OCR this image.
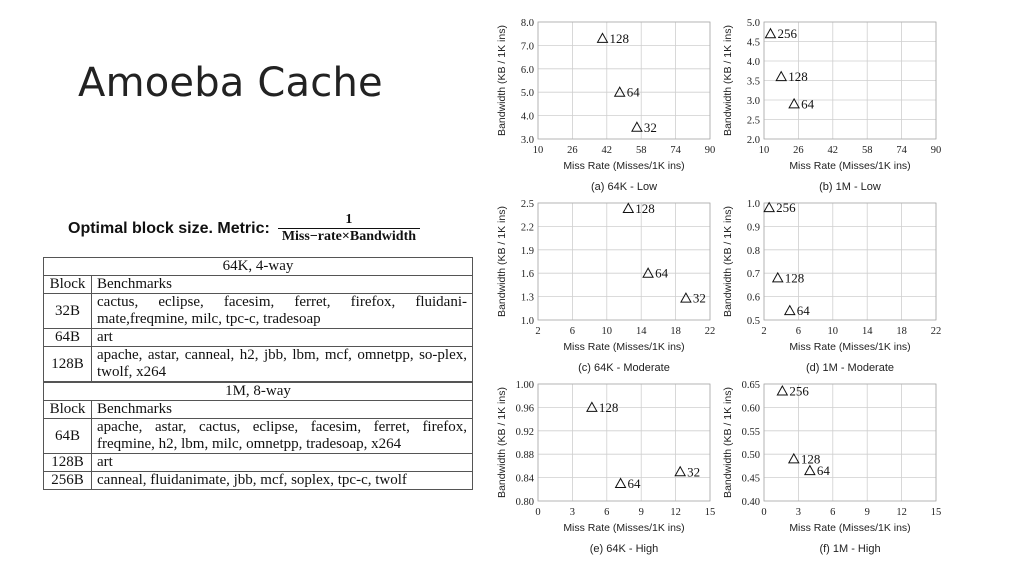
Amoeba Cache
Optimal block size. Metric: $\frac{1}{\text{Miss−rate×Bandwidth}}$
64K, 4-way	
Block	Benchmarks
32B	cactus, eclipse, facesim, ferret, firefox, fluidani-mate,freqmine, milc, tpc-c, tradesoap
64B	art
128B	apache, astar, canneal, h2, jbb, lbm, mcf, omnetpp, so-plex, twolf, x264
1M, 8-way	
Block	Benchmarks
64B	apache, astar, cactus, eclipse, facesim, ferret, firefox, freqmine, h2, lbm, milc, omnetpp, tradesoap, x264
128B	art
256B	canneal, fluidanimate, jbb, mcf, soplex, tpc-c, twolf
10 26 42 58 74 90
3.0
4.0
5.0
6.0
7.0
8.0
Miss Rate (Misses/1K ins)
Bandwidth (KB / 1K ins)
(a) 64K - Low
128
64
32
10 26 42 58 74 90
2.0
2.5
3.0
3.5
4.0
4.5
5.0
Miss Rate (Misses/1K ins)
Bandwidth (KB / 1K ins)
(b) 1M - Low
256
128
64
2	6	10 14 18 22
1.0
1.3
1.6
1.9
2.2
2.5
Miss Rate (Misses/1K ins)
Bandwidth (KB / 1K ins)
(c) 64K - Moderate
128
64
32
2	6	10 14 18 22
0.5
0.6
0.7
0.8
0.9
1.0
Miss Rate (Misses/1K ins)
Bandwidth (KB / 1K ins)
(d) 1M - Moderate
256
128
64
0	3	6	9	12 15
0.80
0.84
0.88
0.92
0.96
1.00
Miss Rate (Misses/1K ins)
Bandwidth (KB / 1K ins)
(e) 64K - High
128
64
32
0	3	6	9	12 15
0.40
0.45
0.50
0.55
0.60
0.65
Miss Rate (Misses/1K ins)
Bandwidth (KB / 1K ins)
(f) 1M - High
256
128
64
